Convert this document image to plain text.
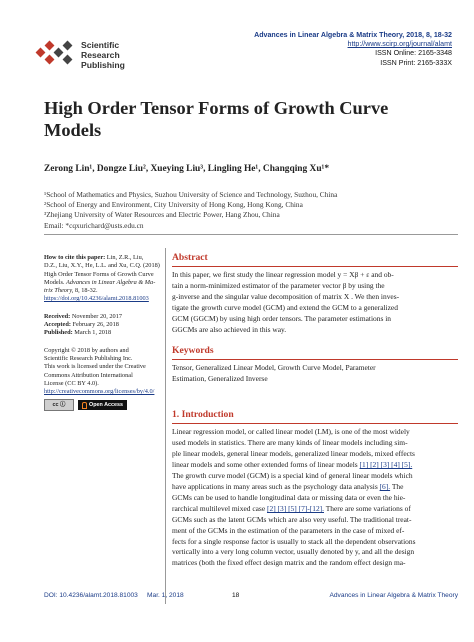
Scientific
Research
Publishing
Advances in Linear Algebra & Matrix Theory, 2018, 8, 18-32
http://www.scirp.org/journal/alamt
ISSN Online: 2165-3348
ISSN Print: 2165-333X
High Order Tensor Forms of Growth Curve
Models
Zerong Lin¹, Dongze Liu², Xueying Liu³, Lingling He¹, Changqing Xu¹*
¹School of Mathematics and Physics, Suzhou University of Science and Technology, Suzhou, China
²School of Energy and Environment, City University of Hong Kong, Hong Kong, China
³Zhejiang University of Water Resources and Electric Power, Hang Zhou, China
Email: *cqxurichard@usts.edu.cn
How to cite this paper: Lin, Z.R., Liu,
D.Z., Liu, X.Y., He, L.L. and Xu, C.Q. (2018)
High Order Tensor Forms of Growth Curve
Models. Advances in Linear Algebra & Ma-
trix Theory, 8, 18-32.
https://doi.org/10.4236/alamt.2018.81003
Received: November 20, 2017
Accepted: February 26, 2018
Published: March 1, 2018
Copyright © 2018 by authors and
Scientific Research Publishing Inc.
This work is licensed under the Creative
Commons Attribution International
License (CC BY 4.0).
http://creativecommons.org/licenses/by/4.0/
cc ⓘ	Open Access
Abstract
In this paper, we first study the linear regression model y = Xβ + ε and ob-
tain a norm-minimized estimator of the parameter vector β by using the
g-inverse and the singular value decomposition of matrix X . We then inves-
tigate the growth curve model (GCM) and extend the GCM to a generalized
GCM (GGCM) by using high order tensors. The parameter estimations in
GGCMs are also achieved in this way.
Keywords
Tensor, Generalized Linear Model, Growth Curve Model, Parameter
Estimation, Generalized Inverse
1. Introduction
Linear regression model, or called linear model (LM), is one of the most widely
used models in statistics. There are many kinds of linear models including sim-
ple linear models, general linear models, generalized linear models, mixed effects
linear models and some other extended forms of linear models [1] [2] [3] [4] [5].
The growth curve model (GCM) is a special kind of general linear models which
have applications in many areas such as the psychology data analysis [6]. The
GCMs can be used to handle longitudinal data or missing data or even the hie-
rarchical multilevel mixed case [2] [3] [5] [7]-[12]. There are some variations of
GCMs such as the latent GCMs which are also very useful. The traditional treat-
ment of the GCMs in the estimation of the parameters in the case of mixed ef-
fects for a single response factor is usually to stack all the dependent observations
vertically into a very long column vector, usually denoted by y, and all the design
matrices (both the fixed effect design matrix and the random effect design ma-
DOI: 10.4236/alamt.2018.81003 Mar. 1, 2018	18	Advances in Linear Algebra & Matrix Theory
